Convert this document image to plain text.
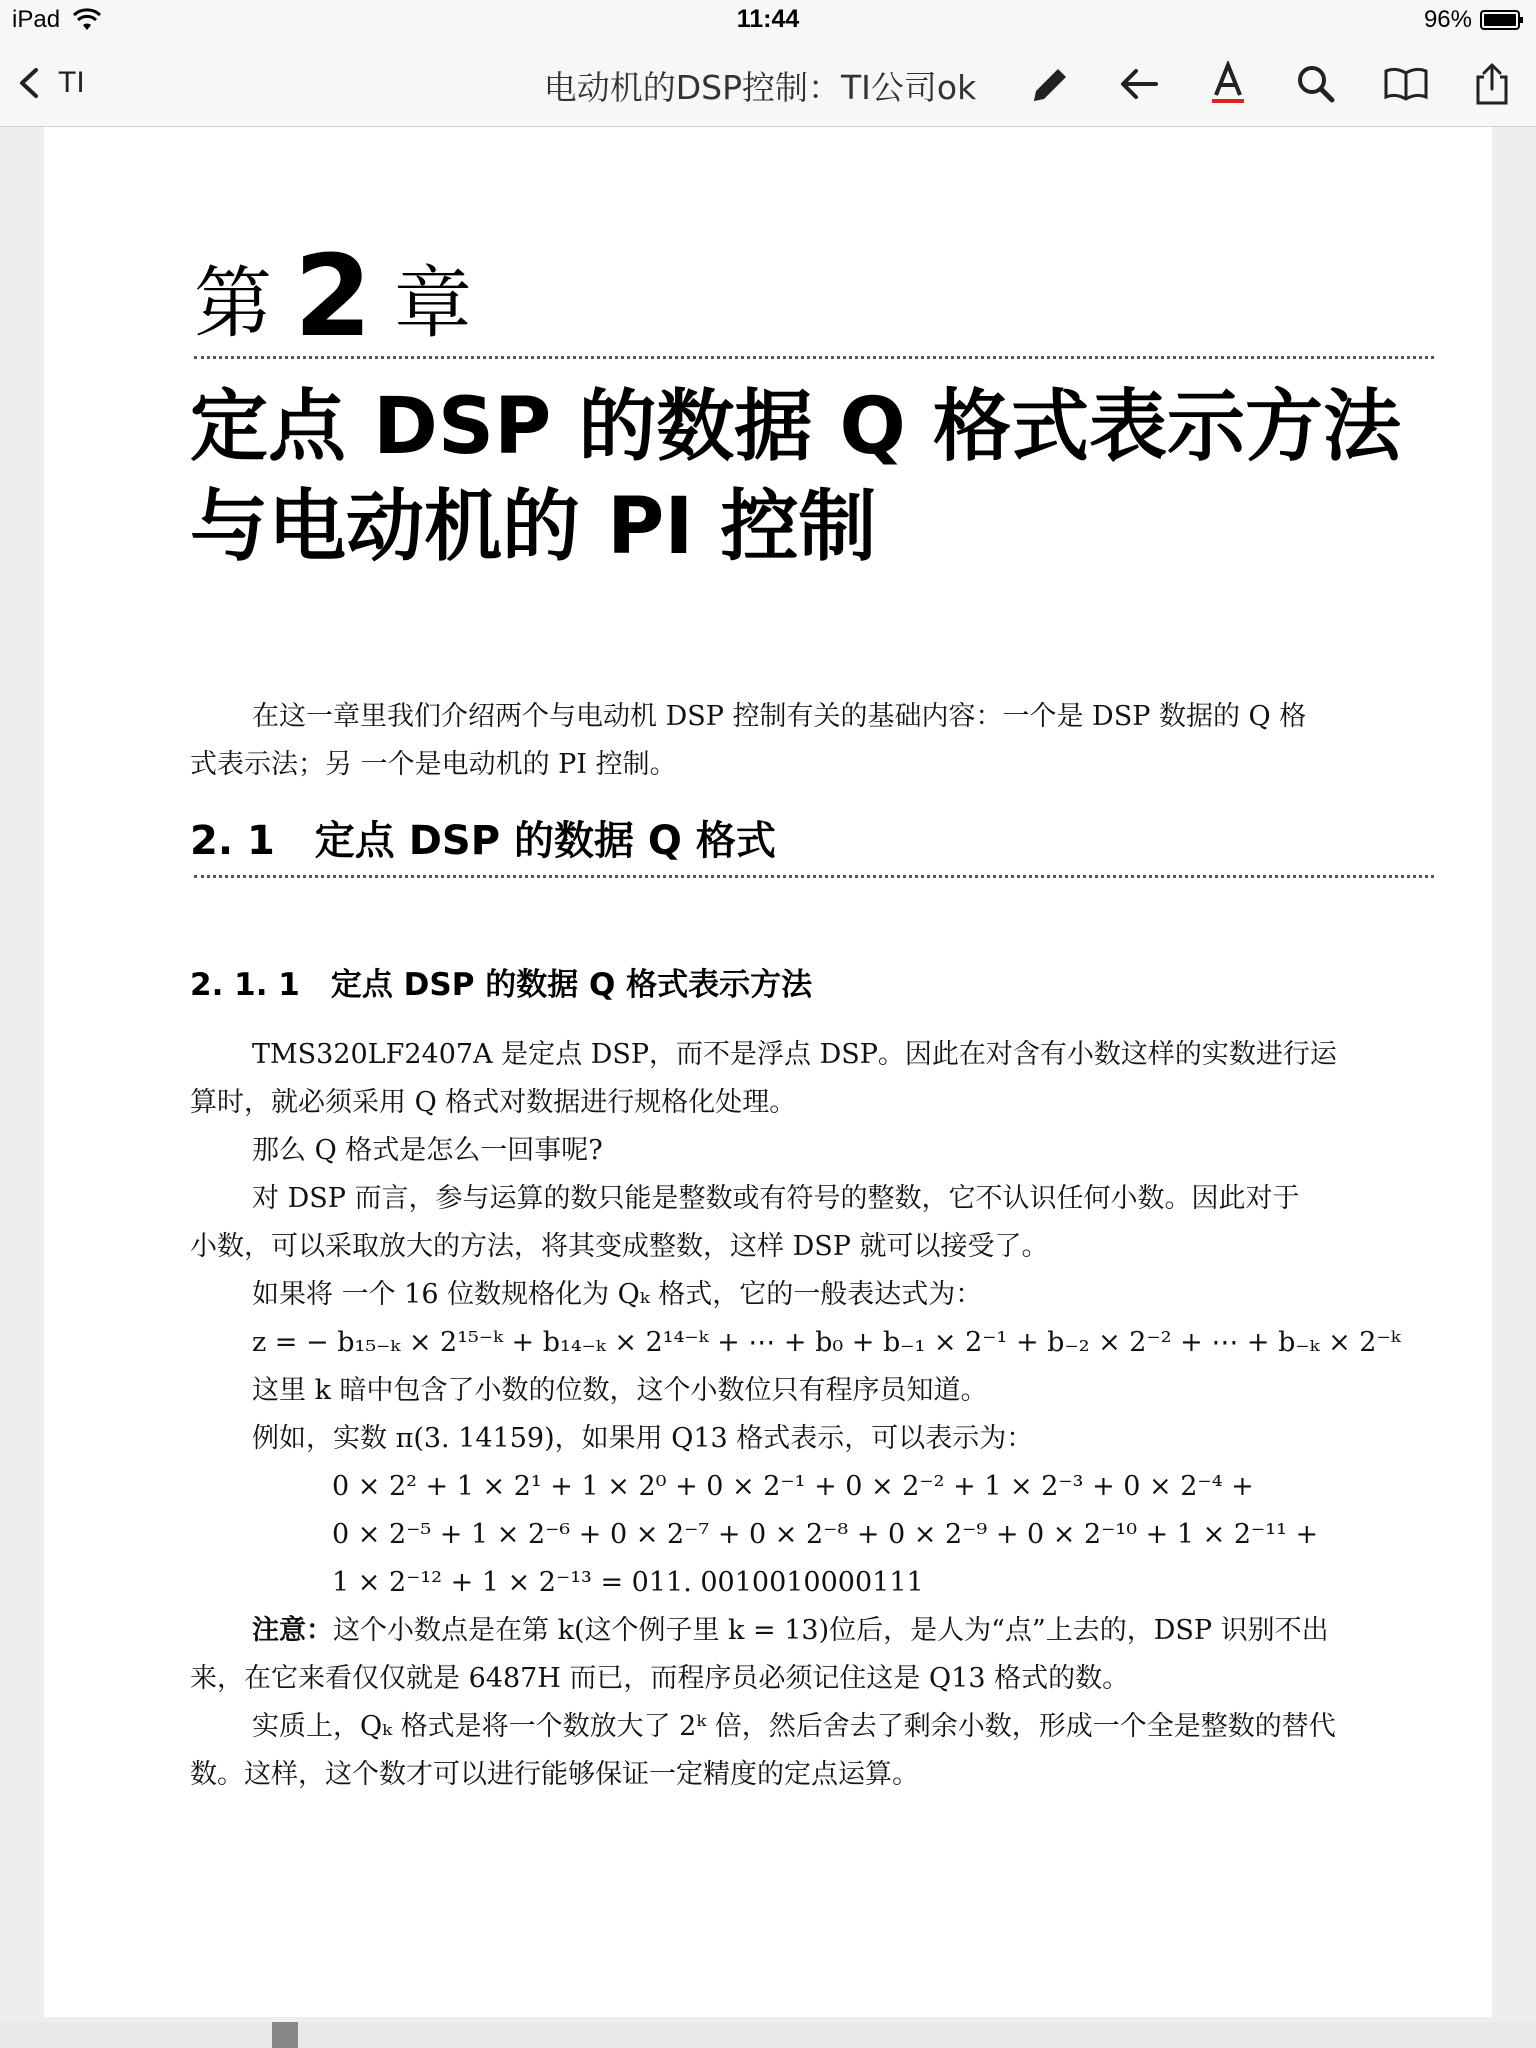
iPad	11:44	96%
TI	电动机的DSP控制：TI公司ok
第 2 章
定点 DSP 的数据 Q 格式表示方法
与电动机的 PI 控制
在这一章里我们介绍两个与电动机 DSP 控制有关的基础内容：一个是 DSP 数据的 Q 格
式表示法；另 一个是电动机的 PI 控制。
2. 1　定点 DSP 的数据 Q 格式
2. 1. 1　定点 DSP 的数据 Q 格式表示方法
TMS320LF2407A 是定点 DSP，而不是浮点 DSP。因此在对含有小数这样的实数进行运
算时，就必须采用 Q 格式对数据进行规格化处理。
那么 Q 格式是怎么一回事呢?
对 DSP 而言，参与运算的数只能是整数或有符号的整数，它不认识任何小数。因此对于
小数，可以采取放大的方法，将其变成整数，这样 DSP 就可以接受了。
如果将 一个 16 位数规格化为 Qₖ 格式，它的一般表达式为：
z = − b₁₅₋ₖ × 2¹⁵⁻ᵏ + b₁₄₋ₖ × 2¹⁴⁻ᵏ + ⋯ + b₀ + b₋₁ × 2⁻¹ + b₋₂ × 2⁻² + ⋯ + b₋ₖ × 2⁻ᵏ
这里 k 暗中包含了小数的位数，这个小数位只有程序员知道。
例如，实数 π(3. 14159)，如果用 Q13 格式表示，可以表示为：
0 × 2² + 1 × 2¹ + 1 × 2⁰ + 0 × 2⁻¹ + 0 × 2⁻² + 1 × 2⁻³ + 0 × 2⁻⁴ +
0 × 2⁻⁵ + 1 × 2⁻⁶ + 0 × 2⁻⁷ + 0 × 2⁻⁸ + 0 × 2⁻⁹ + 0 × 2⁻¹⁰ + 1 × 2⁻¹¹ +
1 × 2⁻¹² + 1 × 2⁻¹³ = 011. 0010010000111
注意：这个小数点是在第 k(这个例子里 k = 13)位后，是人为“点”上去的，DSP 识别不出
来，在它来看仅仅就是 6487H 而已，而程序员必须记住这是 Q13 格式的数。
实质上，Qₖ 格式是将一个数放大了 2ᵏ 倍，然后舍去了剩余小数，形成一个全是整数的替代
数。这样，这个数才可以进行能够保证一定精度的定点运算。
